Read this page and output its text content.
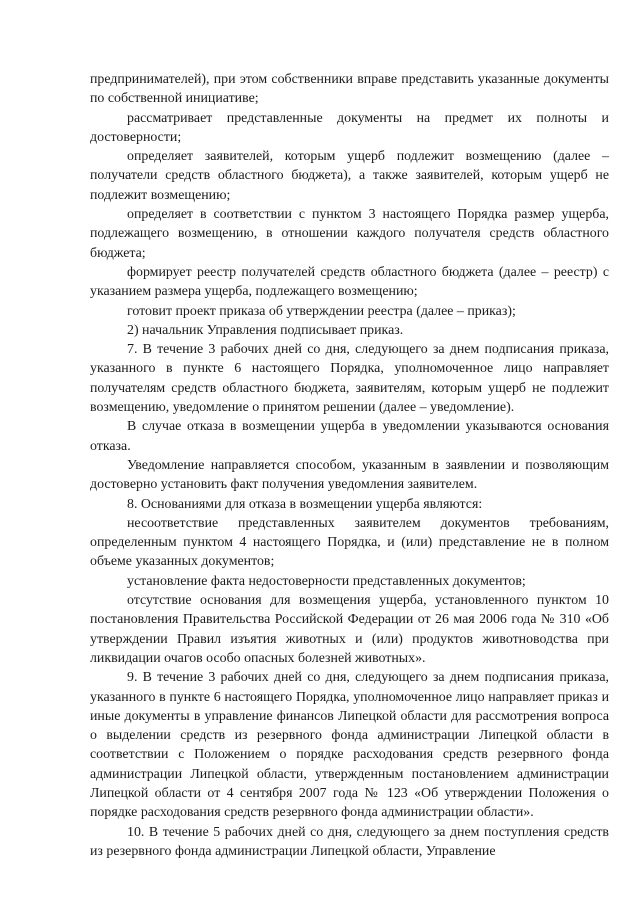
предпринимателей), при этом собственники вправе представить указанные документы по собственной инициативе;

рассматривает представленные документы на предмет их полноты и достоверности;

определяет заявителей, которым ущерб подлежит возмещению (далее – получатели средств областного бюджета), а также заявителей, которым ущерб не подлежит возмещению;

определяет в соответствии с пунктом 3 настоящего Порядка размер ущерба, подлежащего возмещению, в отношении каждого получателя средств областного бюджета;

формирует реестр получателей средств областного бюджета (далее – реестр) с указанием размера ущерба, подлежащего возмещению;

готовит проект приказа об утверждении реестра (далее – приказ);

2) начальник Управления подписывает приказ.

7. В течение 3 рабочих дней со дня, следующего за днем подписания приказа, указанного в пункте 6 настоящего Порядка, уполномоченное лицо направляет получателям средств областного бюджета, заявителям, которым ущерб не подлежит возмещению, уведомление о принятом решении (далее – уведомление).

В случае отказа в возмещении ущерба в уведомлении указываются основания отказа.

Уведомление направляется способом, указанным в заявлении и позволяющим достоверно установить факт получения уведомления заявителем.

8. Основаниями для отказа в возмещении ущерба являются:

несоответствие представленных заявителем документов требованиям, определенным пунктом 4 настоящего Порядка, и (или) представление не в полном объеме указанных документов;

установление факта недостоверности представленных документов;

отсутствие основания для возмещения ущерба, установленного пунктом 10 постановления Правительства Российской Федерации от 26 мая 2006 года № 310 «Об утверждении Правил изъятия животных и (или) продуктов животноводства при ликвидации очагов особо опасных болезней животных».

9. В течение 3 рабочих дней со дня, следующего за днем подписания приказа, указанного в пункте 6 настоящего Порядка, уполномоченное лицо направляет приказ и иные документы в управление финансов Липецкой области для рассмотрения вопроса о выделении средств из резервного фонда администрации Липецкой области в соответствии с Положением о порядке расходования средств резервного фонда администрации Липецкой области, утвержденным постановлением администрации Липецкой области от 4 сентября 2007 года № 123 «Об утверждении Положения о порядке расходования средств резервного фонда администрации области».

10. В течение 5 рабочих дней со дня, следующего за днем поступления средств из резервного фонда администрации Липецкой области, Управление
